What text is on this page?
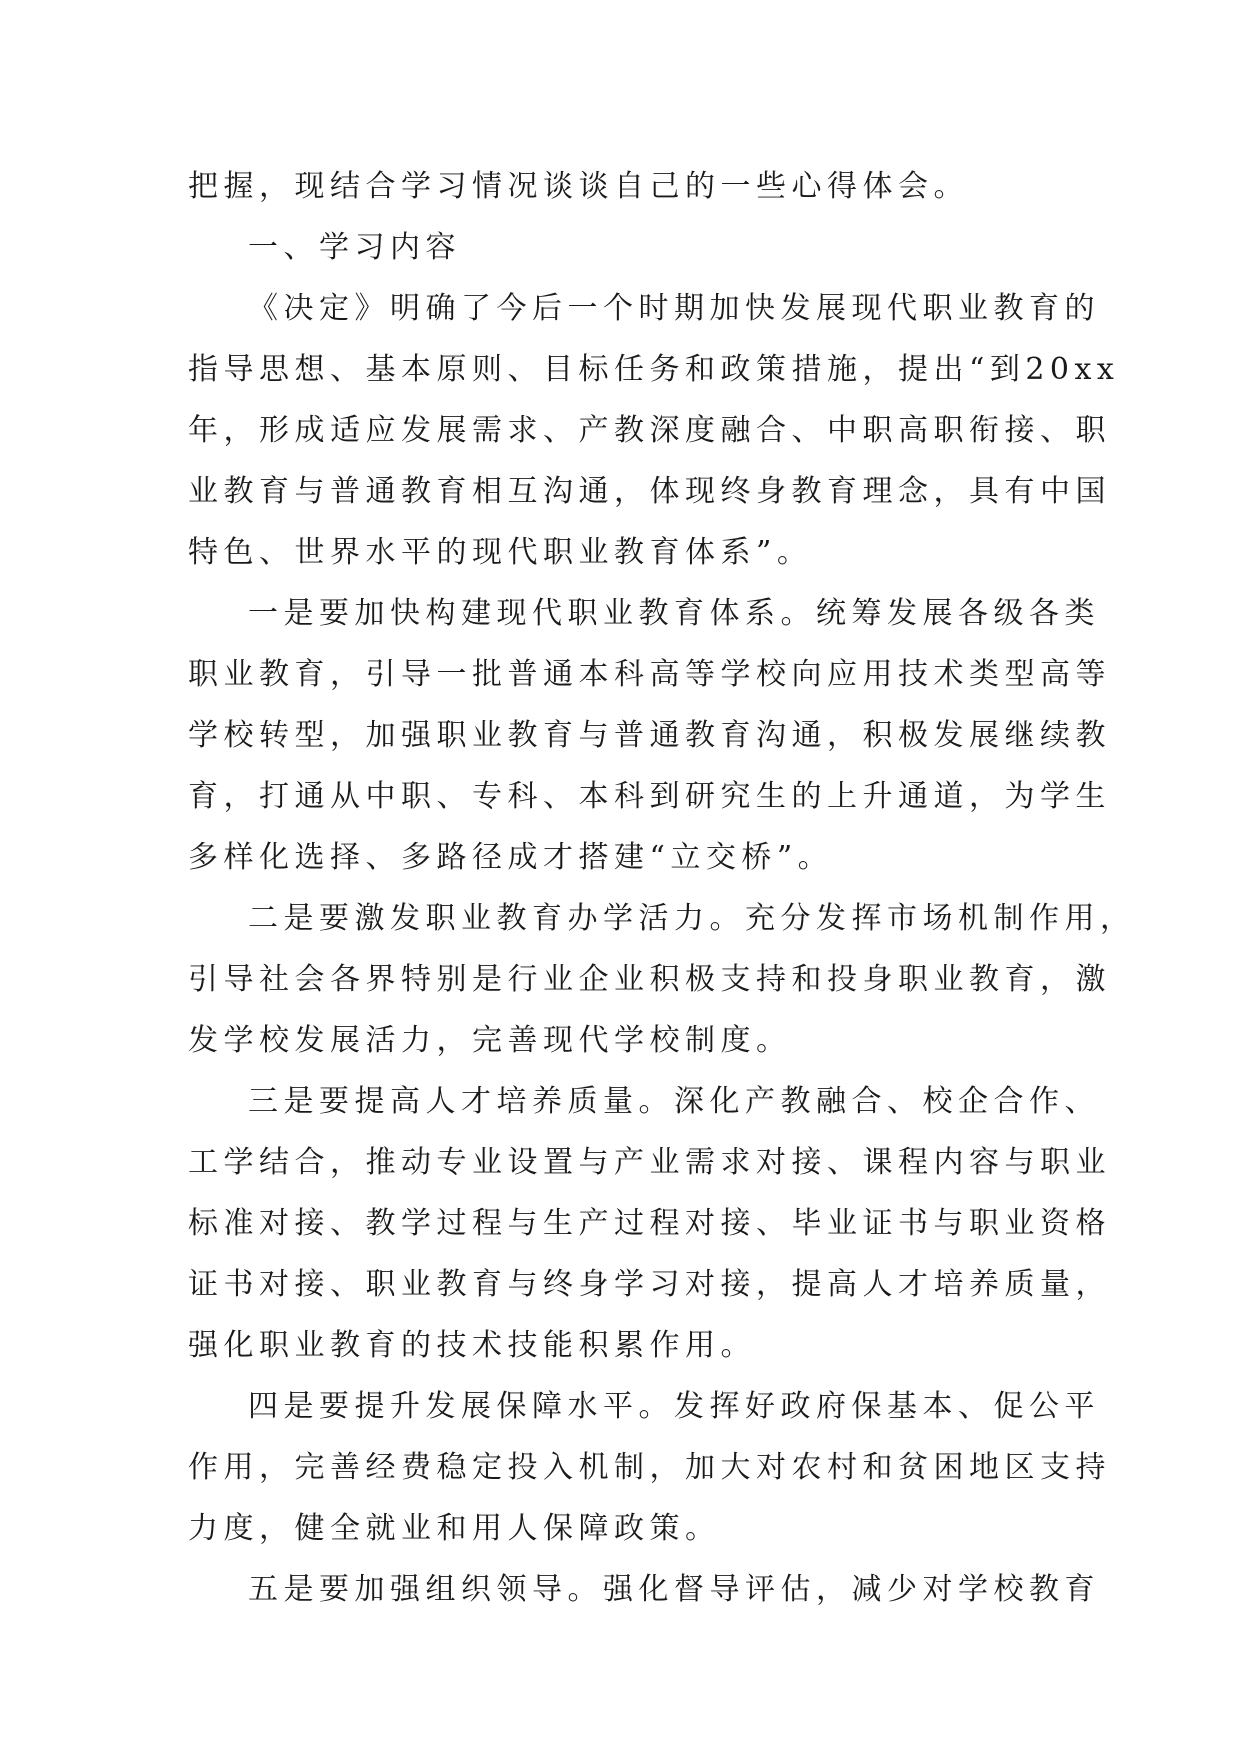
把握，现结合学习情况谈谈自己的一些心得体会。

一、学习内容

《决定》明确了今后一个时期加快发展现代职业教育的
指导思想、基本原则、目标任务和政策措施，提出“到20xx
年，形成适应发展需求、产教深度融合、中职高职衔接、职
业教育与普通教育相互沟通，体现终身教育理念，具有中国
特色、世界水平的现代职业教育体系”。

一是要加快构建现代职业教育体系。统筹发展各级各类
职业教育，引导一批普通本科高等学校向应用技术类型高等
学校转型，加强职业教育与普通教育沟通，积极发展继续教
育，打通从中职、专科、本科到研究生的上升通道，为学生
多样化选择、多路径成才搭建“立交桥”。

二是要激发职业教育办学活力。充分发挥市场机制作用，
引导社会各界特别是行业企业积极支持和投身职业教育，激
发学校发展活力，完善现代学校制度。

三是要提高人才培养质量。深化产教融合、校企合作、
工学结合，推动专业设置与产业需求对接、课程内容与职业
标准对接、教学过程与生产过程对接、毕业证书与职业资格
证书对接、职业教育与终身学习对接，提高人才培养质量，
强化职业教育的技术技能积累作用。

四是要提升发展保障水平。发挥好政府保基本、促公平
作用，完善经费稳定投入机制，加大对农村和贫困地区支持
力度，健全就业和用人保障政策。

五是要加强组织领导。强化督导评估，减少对学校教育
